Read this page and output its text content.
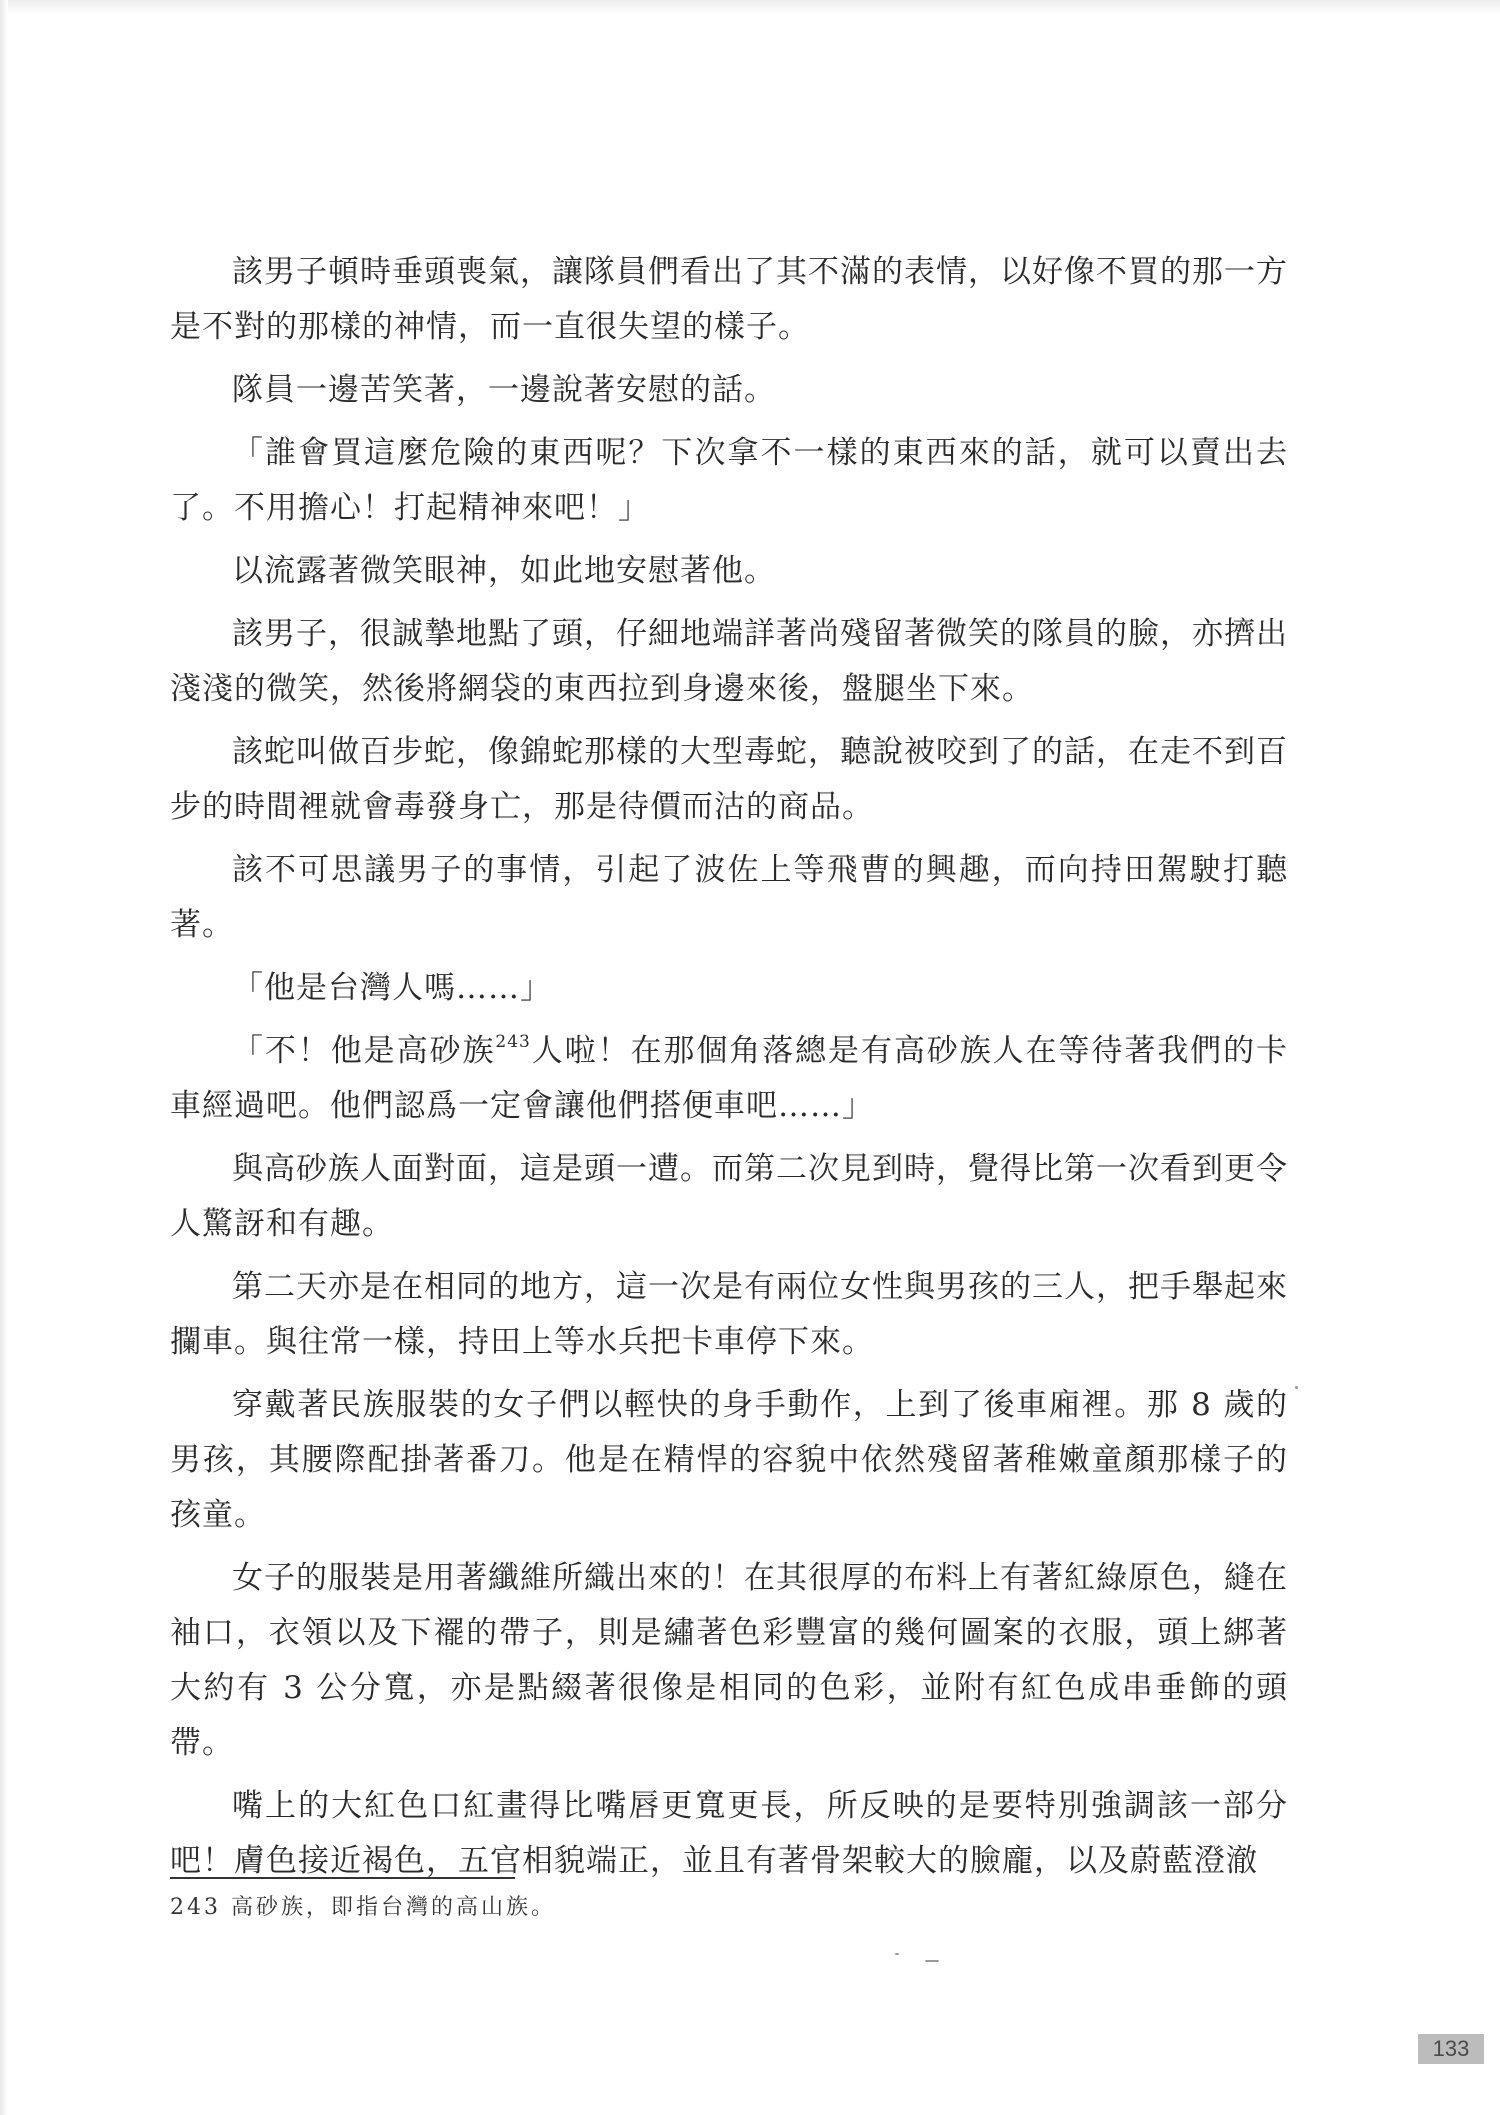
該男子頓時垂頭喪氣，讓隊員們看出了其不滿的表情，以好像不買的那一方是不對的那樣的神情，而一直很失望的樣子。

隊員一邊苦笑著，一邊說著安慰的話。

「誰會買這麼危險的東西呢？下次拿不一樣的東西來的話，就可以賣出去了。不用擔心！打起精神來吧！」

以流露著微笑眼神，如此地安慰著他。

該男子，很誠摯地點了頭，仔細地端詳著尚殘留著微笑的隊員的臉，亦擠出淺淺的微笑，然後將網袋的東西拉到身邊來後，盤腿坐下來。

該蛇叫做百步蛇，像錦蛇那樣的大型毒蛇，聽說被咬到了的話，在走不到百步的時間裡就會毒發身亡，那是待價而沽的商品。

該不可思議男子的事情，引起了波佐上等飛曹的興趣，而向持田駕駛打聽著。

「他是台灣人嗎……」

「不！他是高砂族$^{243}$人啦！在那個角落總是有高砂族人在等待著我們的卡車經過吧。他們認爲一定會讓他們搭便車吧……」

與高砂族人面對面，這是頭一遭。而第二次見到時，覺得比第一次看到更令人驚訝和有趣。

第二天亦是在相同的地方，這一次是有兩位女性與男孩的三人，把手舉起來攔車。與往常一樣，持田上等水兵把卡車停下來。

穿戴著民族服裝的女子們以輕快的身手動作，上到了後車廂裡。那 8 歲的男孩，其腰際配掛著番刀。他是在精悍的容貌中依然殘留著稚嫩童顏那樣子的孩童。

女子的服裝是用著纖維所織出來的！在其很厚的布料上有著紅綠原色，縫在袖口，衣領以及下襬的帶子，則是繡著色彩豐富的幾何圖案的衣服，頭上綁著大約有 3 公分寬，亦是點綴著很像是相同的色彩，並附有紅色成串垂飾的頭帶。

嘴上的大紅色口紅畫得比嘴唇更寬更長，所反映的是要特別強調該一部分吧！膚色接近褐色，五官相貌端正，並且有著骨架較大的臉龐，以及蔚藍澄澈

243 高砂族，即指台灣的高山族。
133
